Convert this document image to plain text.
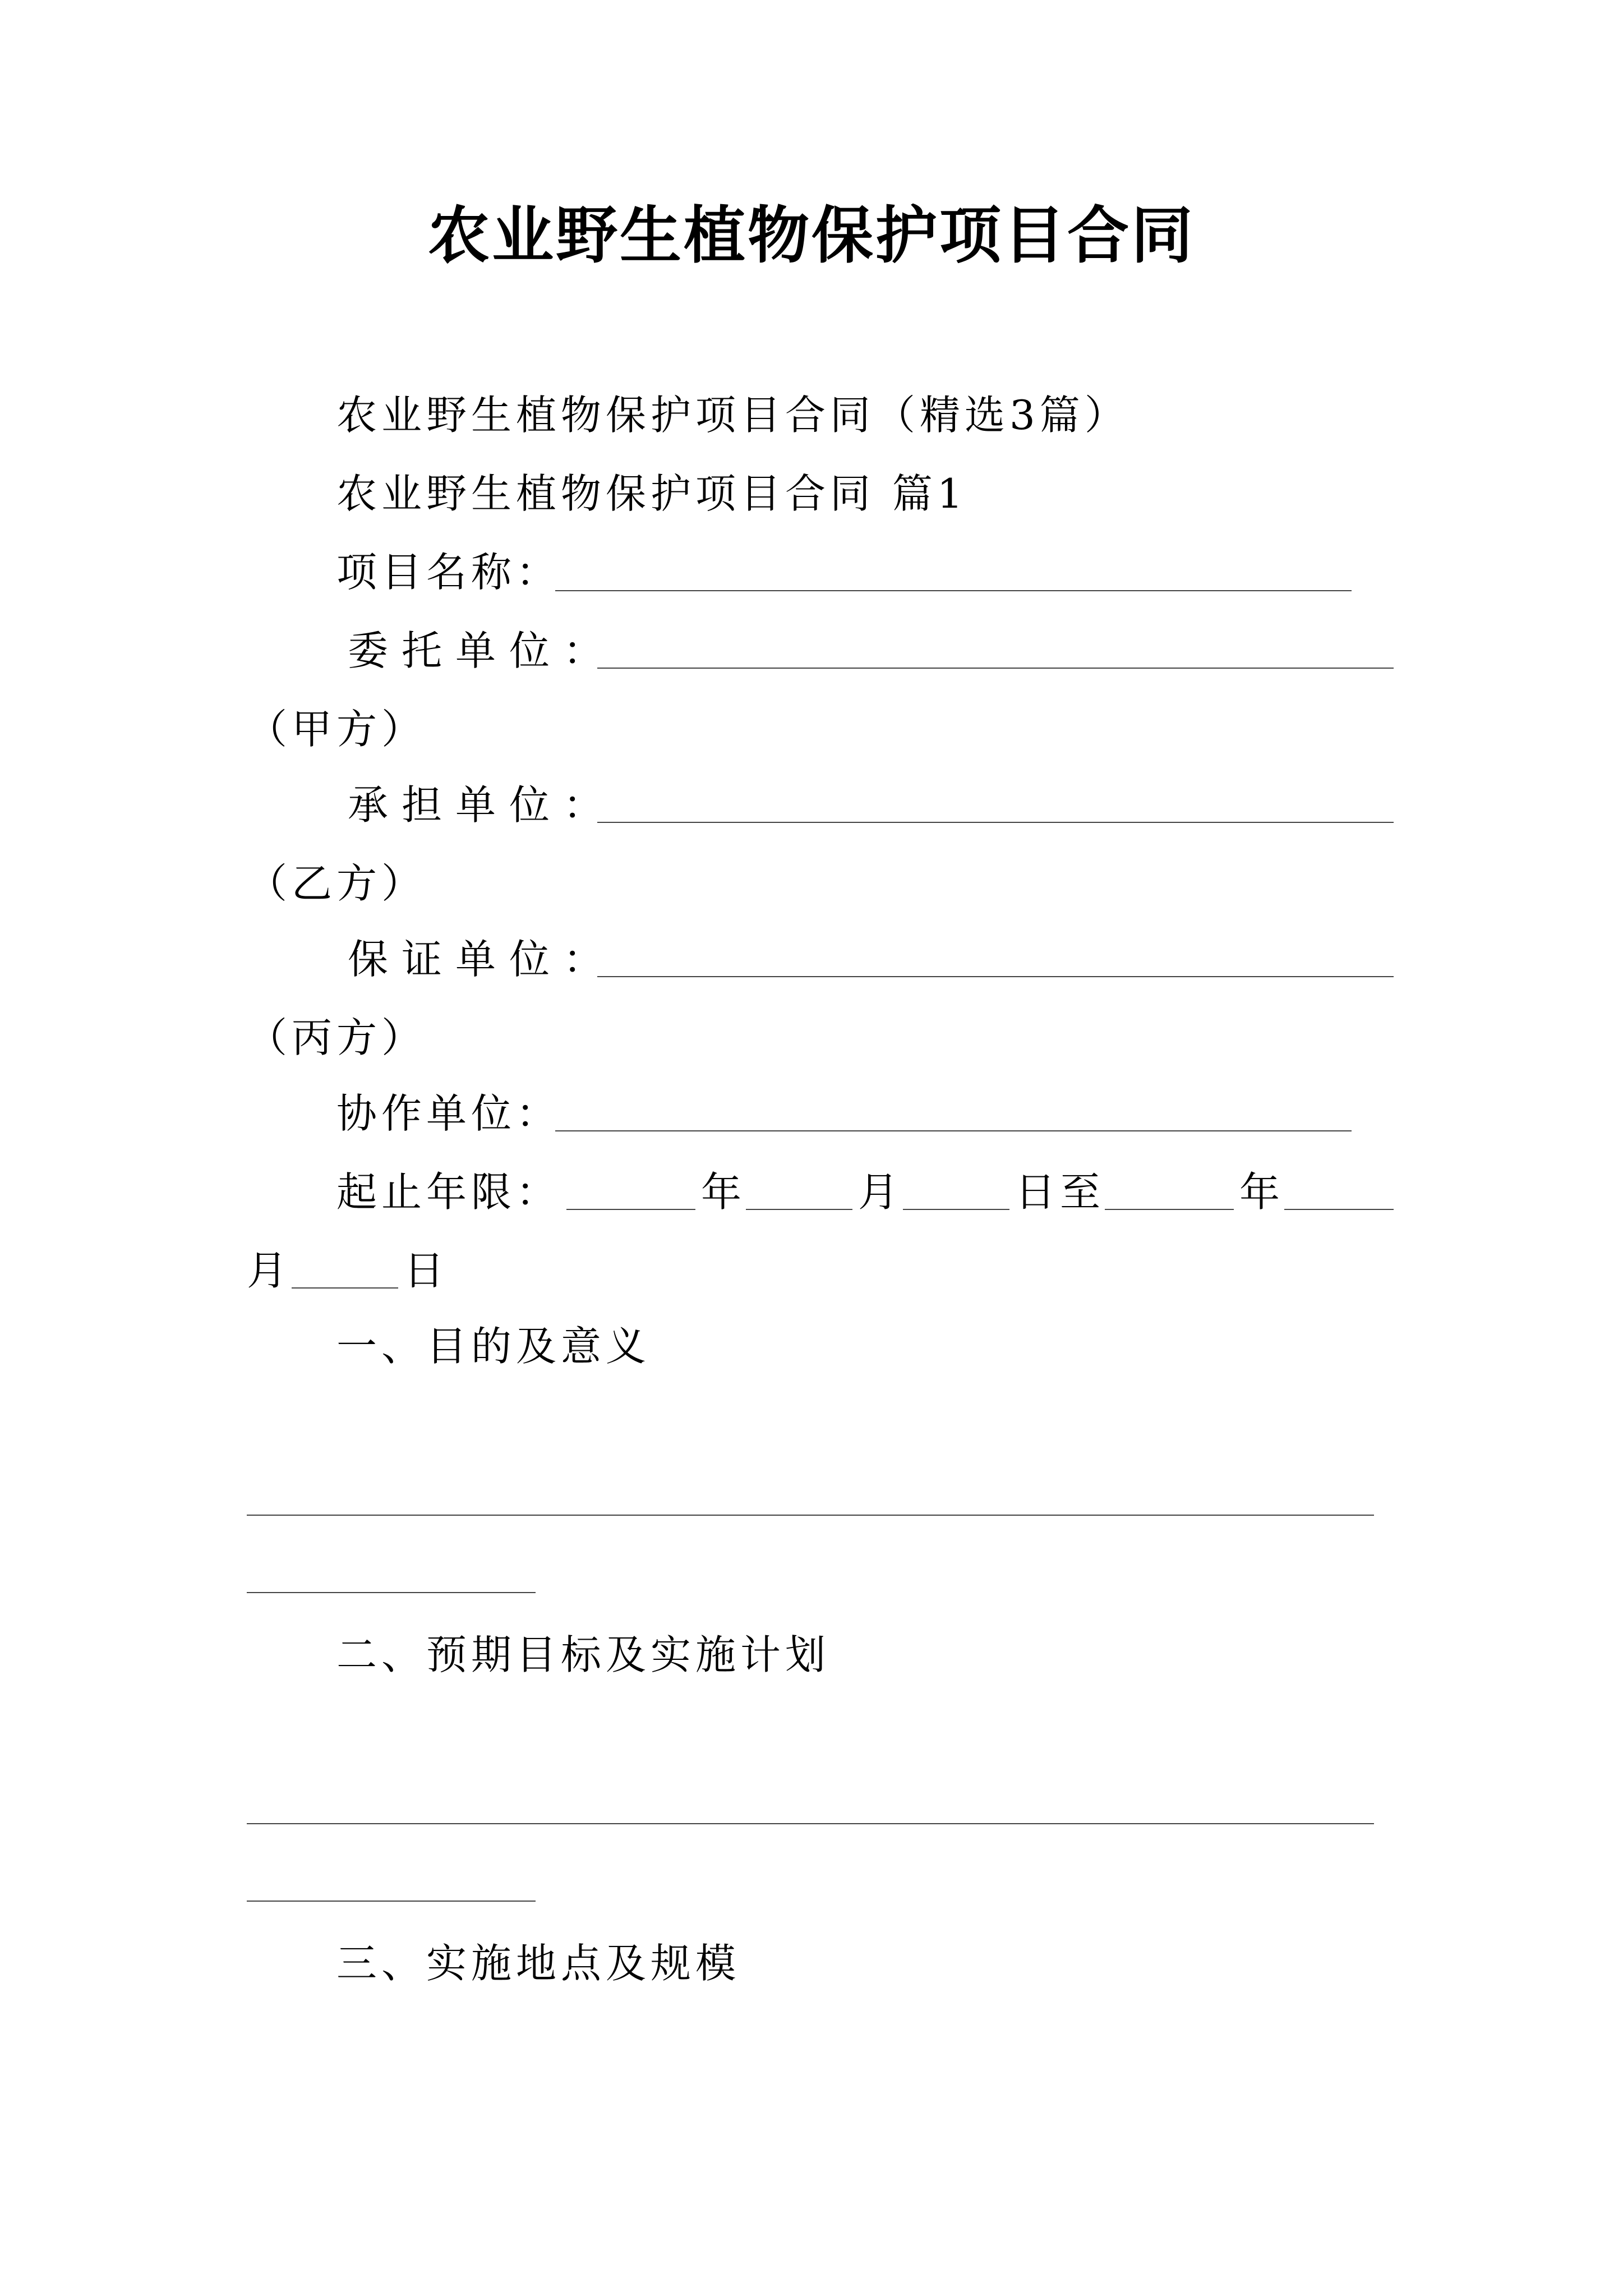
农业野生植物保护项目合同
农业野生植物保护项目合同（精选3篇）
农业野生植物保护项目合同 篇1
项目名称：
委托单位：
（甲方）
承担单位：
（乙方）
保证单位：
（丙方）
协作单位：
起止年限：	年	月	日至	年
月	日
一、目的及意义
二、预期目标及实施计划
三、实施地点及规模
